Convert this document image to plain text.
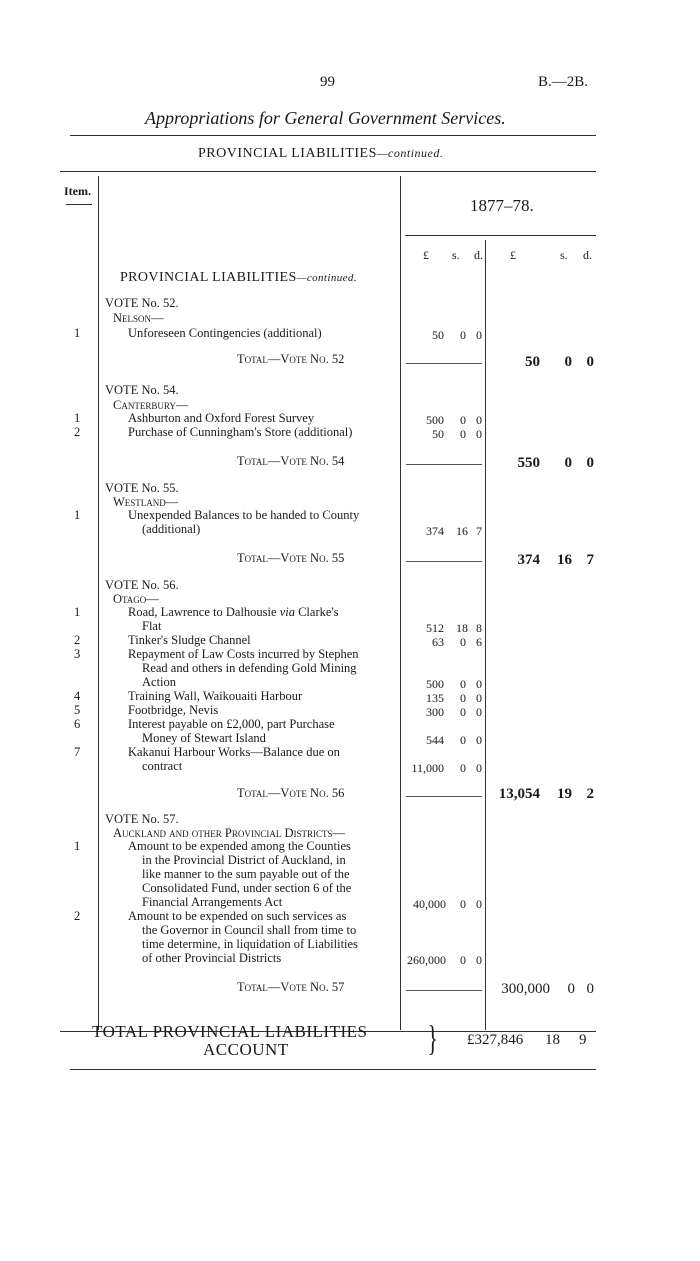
99	B.—2B.
Appropriations for General Government Services.
PROVINCIAL LIABILITIES—continued.
Item.
1877–78.
£ s. d. £	s. d.
PROVINCIAL LIABILITIES—continued.
VOTE No. 52.
Nelson—
1	Unforeseen Contingencies (additional)	50 0 0
Total—Vote No. 52	50 0 0
VOTE No. 54.
Canterbury—
1	Ashburton and Oxford Forest Survey	500 0 0
2	Purchase of Cunningham's Store (additional)	50 0 0
Total—Vote No. 54	550 0 0
VOTE No. 55.
Westland—
1	Unexpended Balances to be handed to County
(additional)	374 16 7
Total—Vote No. 55	374 16 7
VOTE No. 56.
Otago—
1	Road, Lawrence to Dalhousie via Clarke's
Flat	512 18 8
2	Tinker's Sludge Channel	63 0 6
3	Repayment of Law Costs incurred by Stephen
Read and others in defending Gold Mining
Action	500 0 0
4	Training Wall, Waikouaiti Harbour	135 0 0
5	Footbridge, Nevis	300 0 0
6	Interest payable on £2,000, part Purchase
Money of Stewart Island	544 0 0
7	Kakanui Harbour Works—Balance due on
contract	11,000 0 0
Total—Vote No. 56	13,054 19 2
VOTE No. 57.
Auckland and other Provincial Districts—
1	Amount to be expended among the Counties
in the Provincial District of Auckland, in
like manner to the sum payable out of the
Consolidated Fund, under section 6 of the
Financial Arrangements Act	40,000 0 0
2	Amount to be expended on such services as
the Governor in Council shall from time to
time determine, in liquidation of Liabilities
of other Provincial Districts	260,000 0 0
Total—Vote No. 57	300,000 0 0
TOTAL PROVINCIAL LIABILITIES
ACCOUNT	} £327,846 18 9
